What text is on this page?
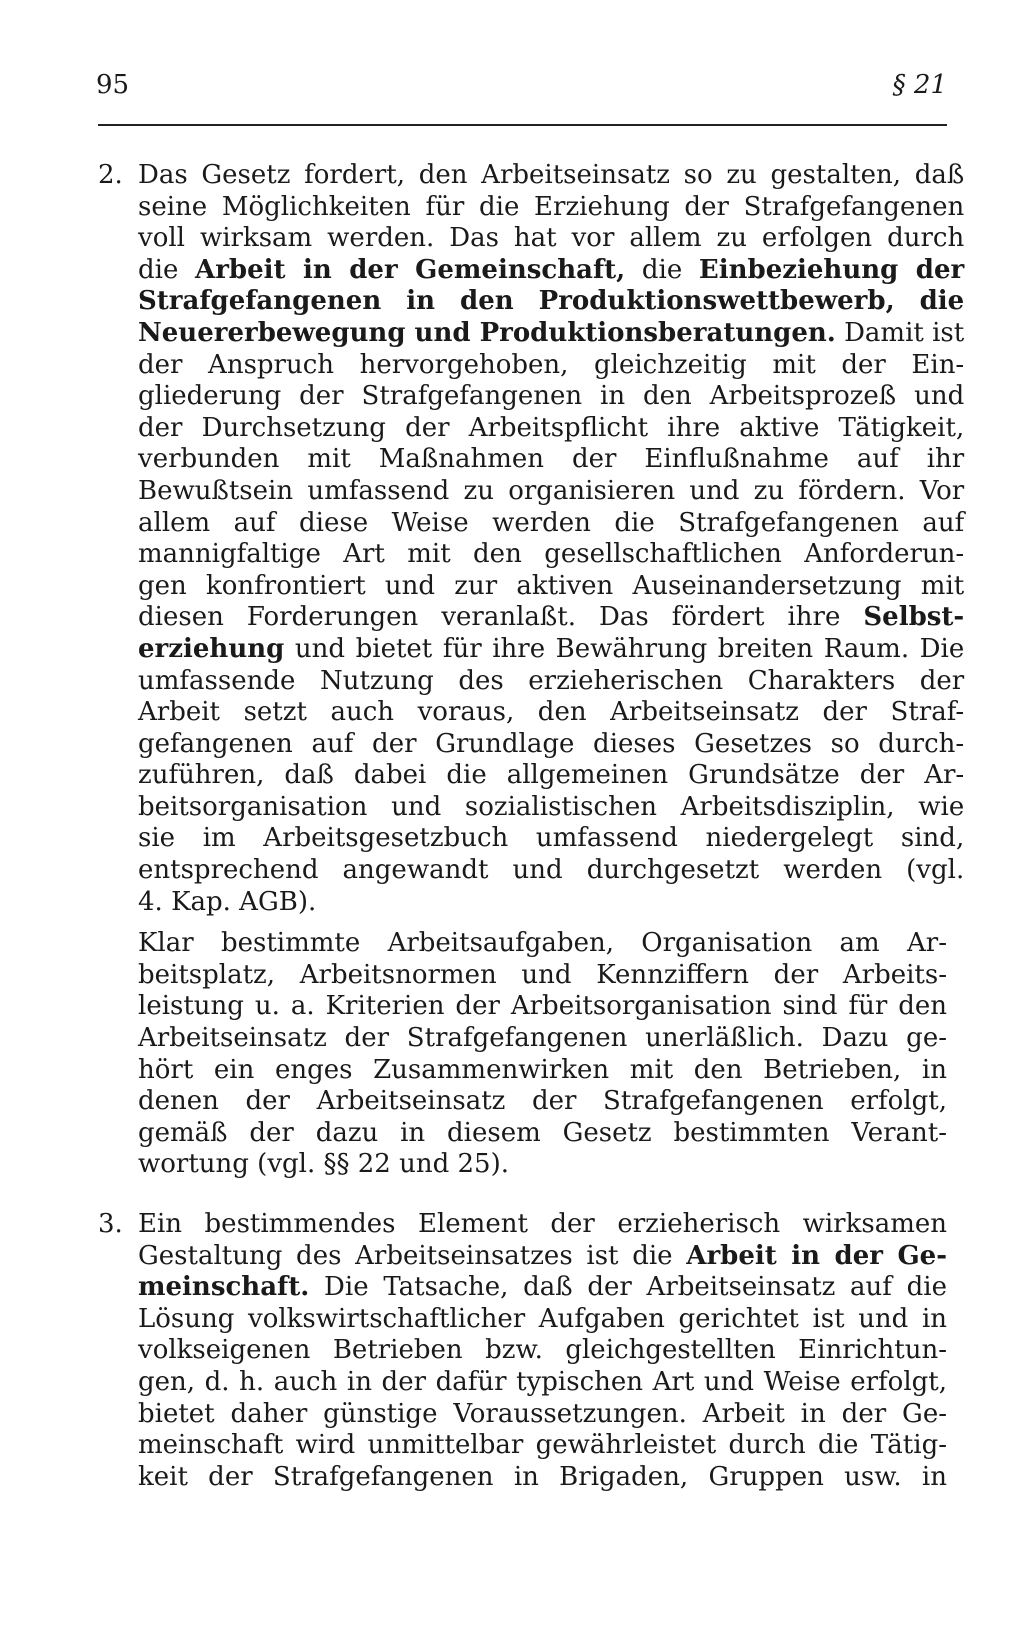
95	§ 21
2. Das Gesetz fordert, den Arbeitseinsatz so zu gestalten, daß
seine Möglichkeiten für die Erziehung der Strafgefangenen
voll wirksam werden. Das hat vor allem zu erfolgen durch
die Arbeit in der Gemeinschaft, die Einbeziehung der
Strafgefangenen in den Produktionswettbewerb, die
Neuererbewegung und Produktionsberatungen. Damit ist
der Anspruch hervorgehoben, gleichzeitig mit der Ein-
gliederung der Strafgefangenen in den Arbeitsprozeß und
der Durchsetzung der Arbeitspflicht ihre aktive Tätigkeit,
verbunden mit Maßnahmen der Einflußnahme auf ihr
Bewußtsein umfassend zu organisieren und zu fördern. Vor
allem auf diese Weise werden die Strafgefangenen auf
mannigfaltige Art mit den gesellschaftlichen Anforderun-
gen konfrontiert und zur aktiven Auseinandersetzung mit
diesen Forderungen veranlaßt. Das fördert ihre Selbst-
erziehung und bietet für ihre Bewährung breiten Raum. Die
umfassende Nutzung des erzieherischen Charakters der
Arbeit setzt auch voraus, den Arbeitseinsatz der Straf-
gefangenen auf der Grundlage dieses Gesetzes so durch-
zuführen, daß dabei die allgemeinen Grundsätze der Ar-
beitsorganisation und sozialistischen Arbeitsdisziplin, wie
sie im Arbeitsgesetzbuch umfassend niedergelegt sind,
entsprechend angewandt und durchgesetzt werden (vgl.
4. Kap. AGB).
Klar bestimmte Arbeitsaufgaben, Organisation am Ar-
beitsplatz, Arbeitsnormen und Kennziffern der Arbeits-
leistung u. a. Kriterien der Arbeitsorganisation sind für den
Arbeitseinsatz der Strafgefangenen unerläßlich. Dazu ge-
hört ein enges Zusammenwirken mit den Betrieben, in
denen der Arbeitseinsatz der Strafgefangenen erfolgt,
gemäß der dazu in diesem Gesetz bestimmten Verant-
wortung (vgl. §§ 22 und 25).
3. Ein bestimmendes Element der erzieherisch wirksamen
Gestaltung des Arbeitseinsatzes ist die Arbeit in der Ge-
meinschaft. Die Tatsache, daß der Arbeitseinsatz auf die
Lösung volkswirtschaftlicher Aufgaben gerichtet ist und in
volkseigenen Betrieben bzw. gleichgestellten Einrichtun-
gen, d. h. auch in der dafür typischen Art und Weise erfolgt,
bietet daher günstige Voraussetzungen. Arbeit in der Ge-
meinschaft wird unmittelbar gewährleistet durch die Tätig-
keit der Strafgefangenen in Brigaden, Gruppen usw. in
